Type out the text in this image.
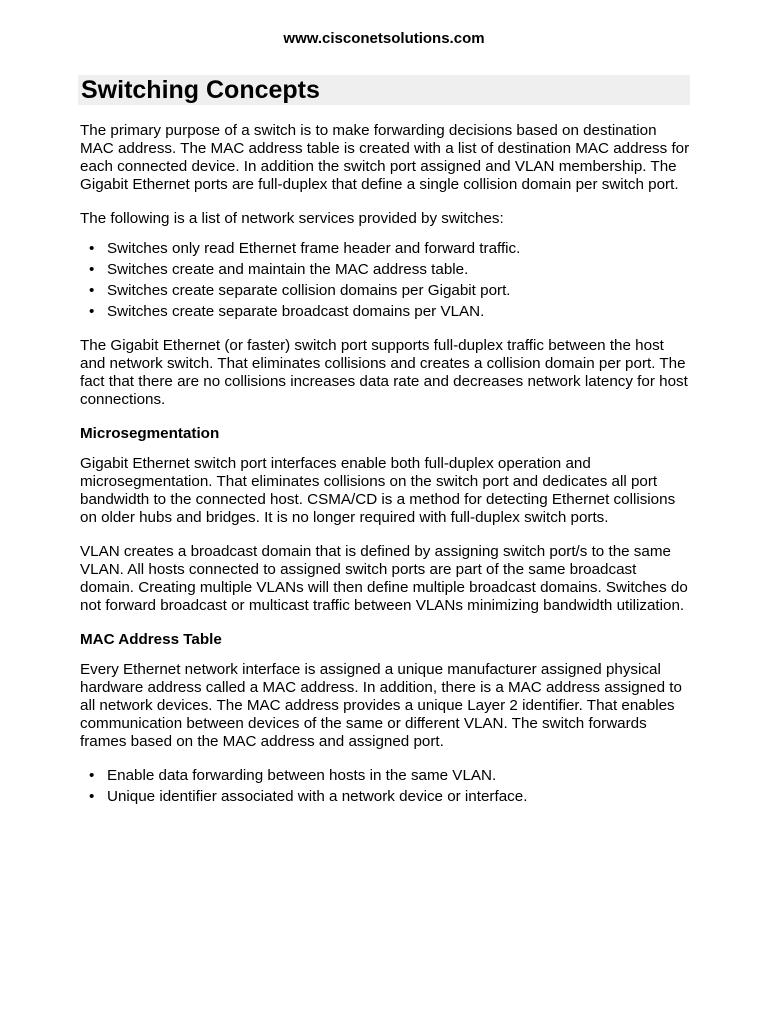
www.cisconetsolutions.com
Switching Concepts

The primary purpose of a switch is to make forwarding decisions based on destination MAC address. The MAC address table is created with a list of destination MAC address for each connected device. In addition the switch port assigned and VLAN membership. The Gigabit Ethernet ports are full-duplex that define a single collision domain per switch port.

The following is a list of network services provided by switches:

• Switches only read Ethernet frame header and forward traffic.
• Switches create and maintain the MAC address table.
• Switches create separate collision domains per Gigabit port.
• Switches create separate broadcast domains per VLAN.

The Gigabit Ethernet (or faster) switch port supports full-duplex traffic between the host and network switch. That eliminates collisions and creates a collision domain per port. The fact that there are no collisions increases data rate and decreases network latency for host connections.

Microsegmentation

Gigabit Ethernet switch port interfaces enable both full-duplex operation and microsegmentation. That eliminates collisions on the switch port and dedicates all port bandwidth to the connected host. CSMA/CD is a method for detecting Ethernet collisions on older hubs and bridges. It is no longer required with full-duplex switch ports.

VLAN creates a broadcast domain that is defined by assigning switch port/s to the same VLAN. All hosts connected to assigned switch ports are part of the same broadcast domain. Creating multiple VLANs will then define multiple broadcast domains. Switches do not forward broadcast or multicast traffic between VLANs minimizing bandwidth utilization.

MAC Address Table

Every Ethernet network interface is assigned a unique manufacturer assigned physical hardware address called a MAC address. In addition, there is a MAC address assigned to all network devices. The MAC address provides a unique Layer 2 identifier. That enables communication between devices of the same or different VLAN. The switch forwards frames based on the MAC address and assigned port.

• Enable data forwarding between hosts in the same VLAN.
• Unique identifier associated with a network device or interface.
